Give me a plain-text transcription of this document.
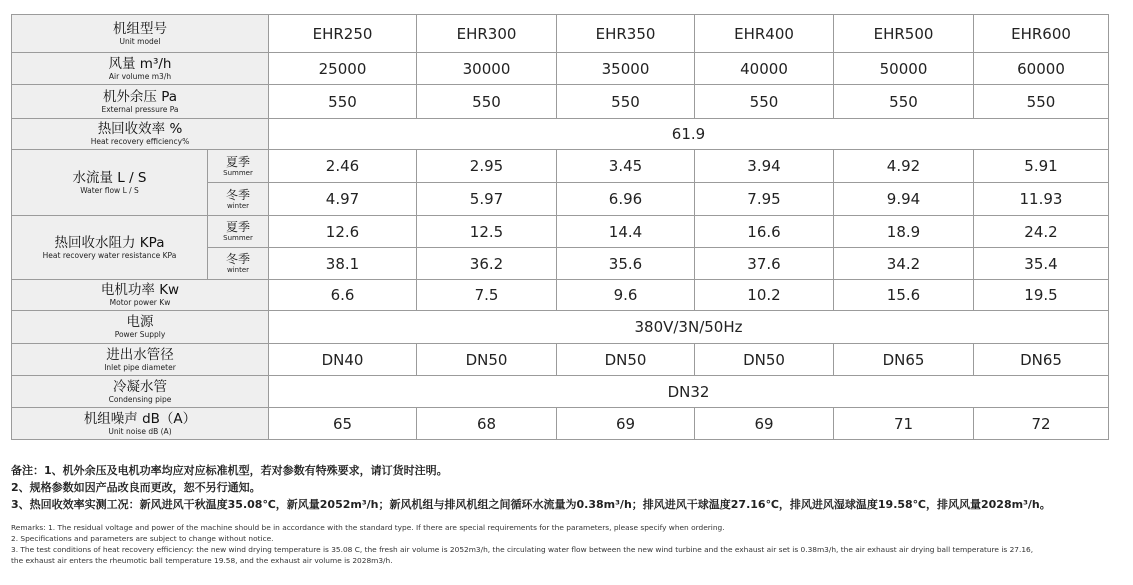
机组型号
Unit model		EHR250	EHR300	EHR350	EHR400	EHR500	EHR600

风量 m³/h
Air volume m3/h		25000	30000	35000	40000	50000	60000

机外余压 Pa
External pressure Pa		550	550	550	550	550	550

热回收效率 %
Heat recovery efficiency%		61.9					

水流量 L / S
Water flow L / S	夏季
Summer	2.46	2.95	3.45	3.94	4.92	5.91

	冬季
winter	4.97	5.97	6.96	7.95	9.94	11.93

热回收水阻力 KPa
Heat recovery water resistance KPa	夏季
Summer	12.6	12.5	14.4	16.6	18.9	24.2

	冬季
winter	38.1	36.2	35.6	37.6	34.2	35.4

电机功率 Kw
Motor power Kw		6.6	7.5	9.6	10.2	15.6	19.5

电源
Power Supply		380V/3N/50Hz					

进出水管径
Inlet pipe diameter		DN40	DN50	DN50	DN50	DN65	DN65

冷凝水管
Condensing pipe		DN32					

机组噪声 dB（A）
Unit noise dB (A)		65	68	69	69	71	72
备注：1、机外余压及电机功率均应对应标准机型，若对参数有特殊要求，请订货时注明。
2、规格参数如因产品改良而更改，恕不另行通知。
3、热回收效率实测工况：新风进风干秋温度35.08℃，新风量2052m³/h；新风机组与排风机组之间循环水流量为0.38m³/h；排风进风干球温度27.16℃，排风进风湿球温度19.58℃，排风风量2028m³/h。
Remarks: 1. The residual voltage and power of the machine should be in accordance with the standard type. If there are special requirements for the parameters, please specify when ordering.
2. Specifications and parameters are subject to change without notice.
3. The test conditions of heat recovery efficiency: the new wind drying temperature is 35.08 C, the fresh air volume is 2052m3/h, the circulating water flow between the new wind turbine and the exhaust air set is 0.38m3/h, the air exhaust air drying ball temperature is 27.16,
the exhaust air enters the rheumotic ball temperature 19.58, and the exhaust air volume is 2028m3/h.
